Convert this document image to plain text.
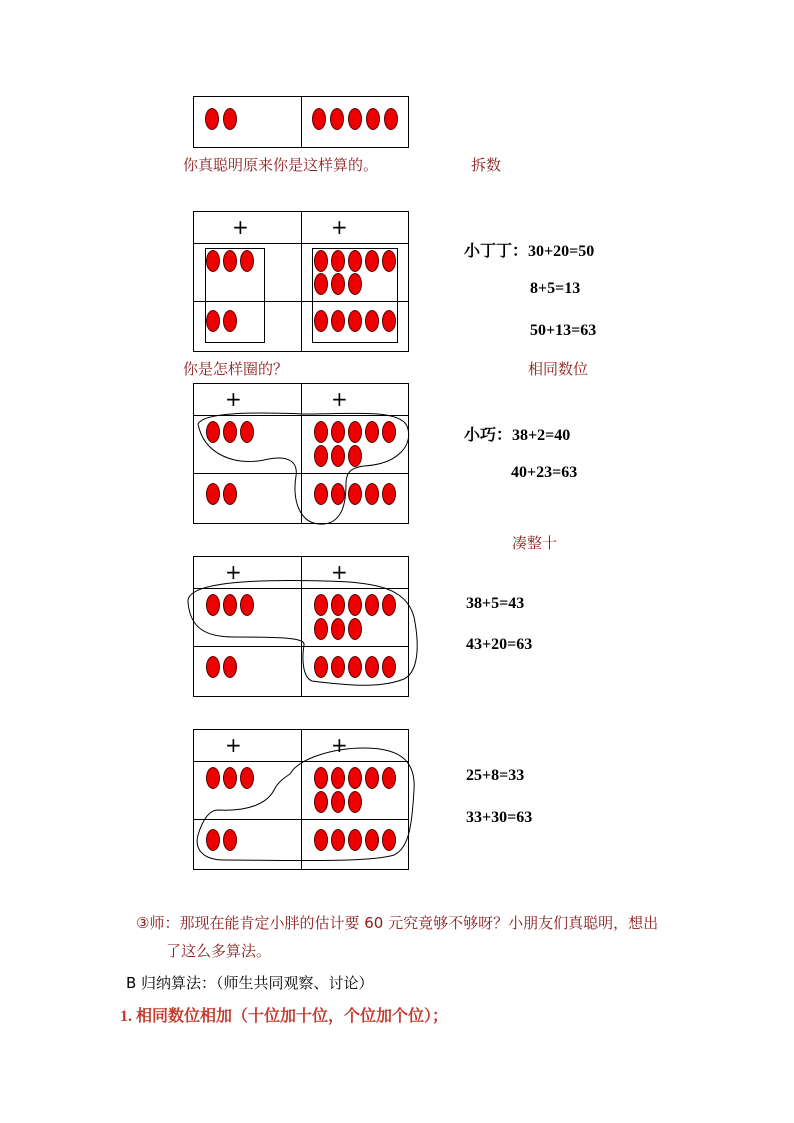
你真聪明原来你是这样算的。	拆数
+	+
小丁丁：30+20=50
8+5=13
50+13=63
你是怎样圈的？	相同数位
+	+
小巧：38+2=40
40+23=63
凑整十
+	+
38+5=43
43+20=63
+	+
25+8=33
33+30=63
③师：那现在能肯定小胖的估计要 60 元究竟够不够呀？小朋友们真聪明，想出
了这么多算法。
B 归纳算法：（师生共同观察、讨论）
1. 相同数位相加（十位加十位，个位加个位）；
